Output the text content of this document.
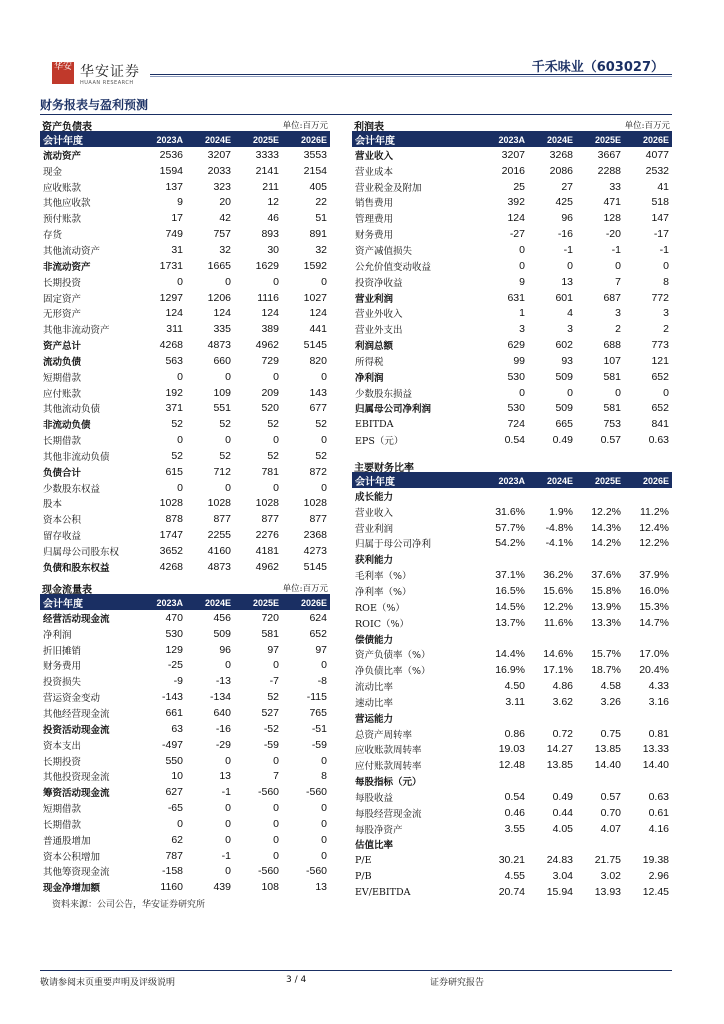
华安 华安证券
HUAAN RESEARCH
千禾味业（603027）
财务报表与盈利预测
资产负债表	单位:百万元
会计年度	2023A	2024E	2025E	2026E
流动资产	2536	3207	3333	3553
现金	1594	2033	2141	2154
应收账款	137	323	211	405
其他应收款	9	20	12	22
预付账款	17	42	46	51
存货	749	757	893	891
其他流动资产	31	32	30	32
非流动资产	1731	1665	1629	1592
长期投资	0	0	0	0
固定资产	1297	1206	1116	1027
无形资产	124	124	124	124
其他非流动资产	311	335	389	441
资产总计	4268	4873	4962	5145
流动负债	563	660	729	820
短期借款	0	0	0	0
应付账款	192	109	209	143
其他流动负债	371	551	520	677
非流动负债	52	52	52	52
长期借款	0	0	0	0
其他非流动负债	52	52	52	52
负债合计	615	712	781	872
少数股东权益	0	0	0	0
股本	1028	1028	1028	1028
资本公积	878	877	877	877
留存收益	1747	2255	2276	2368
归属母公司股东权	3652	4160	4181	4273
负债和股东权益	4268	4873	4962	5145
现金流量表	单位:百万元
会计年度	2023A	2024E	2025E	2026E
经营活动现金流	470	456	720	624
净利润	530	509	581	652
折旧摊销	129	96	97	97
财务费用	-25	0	0	0
投资损失	-9	-13	-7	-8
营运资金变动	-143	-134	52	-115
其他经营现金流	661	640	527	765
投资活动现金流	63	-16	-52	-51
资本支出	-497	-29	-59	-59
长期投资	550	0	0	0
其他投资现金流	10	13	7	8
筹资活动现金流	627	-1	-560	-560
短期借款	-65	0	0	0
长期借款	0	0	0	0
普通股增加	62	0	0	0
资本公积增加	787	-1	0	0
其他筹资现金流	-158	0	-560	-560
现金净增加额	1160	439	108	13
利润表	单位:百万元
会计年度	2023A	2024E	2025E	2026E
营业收入	3207	3268	3667	4077
营业成本	2016	2086	2288	2532
营业税金及附加	25	27	33	41
销售费用	392	425	471	518
管理费用	124	96	128	147
财务费用	-27	-16	-20	-17
资产减值损失	0	-1	-1	-1
公允价值变动收益	0	0	0	0
投资净收益	9	13	7	8
营业利润	631	601	687	772
营业外收入	1	4	3	3
营业外支出	3	3	2	2
利润总额	629	602	688	773
所得税	99	93	107	121
净利润	530	509	581	652
少数股东损益	0	0	0	0
归属母公司净利润	530	509	581	652
EBITDA	724	665	753	841
EPS（元）	0.54	0.49	0.57	0.63
主要财务比率
会计年度	2023A	2024E	2025E	2026E
成长能力
营业收入	31.6%	1.9%	12.2%	11.2%
营业利润	57.7%	-4.8%	14.3%	12.4%
归属于母公司净利	54.2%	-4.1%	14.2%	12.2%
获利能力
毛利率（%）	37.1%	36.2%	37.6%	37.9%
净利率（%）	16.5%	15.6%	15.8%	16.0%
ROE（%）	14.5%	12.2%	13.9%	15.3%
ROIC（%）	13.7%	11.6%	13.3%	14.7%
偿债能力
资产负债率（%）	14.4%	14.6%	15.7%	17.0%
净负债比率（%）	16.9%	17.1%	18.7%	20.4%
流动比率	4.50	4.86	4.58	4.33
速动比率	3.11	3.62	3.26	3.16
营运能力
总资产周转率	0.86	0.72	0.75	0.81
应收账款周转率	19.03	14.27	13.85	13.33
应付账款周转率	12.48	13.85	14.40	14.40
每股指标（元）
每股收益	0.54	0.49	0.57	0.63
每股经营现金流	0.46	0.44	0.70	0.61
每股净资产	3.55	4.05	4.07	4.16
估值比率
P/E	30.21	24.83	21.75	19.38
P/B	4.55	3.04	3.02	2.96
EV/EBITDA	20.74	15.94	13.93	12.45
资料来源：公司公告，华安证券研究所
敬请参阅末页重要声明及评级说明	3 / 4	证券研究报告
